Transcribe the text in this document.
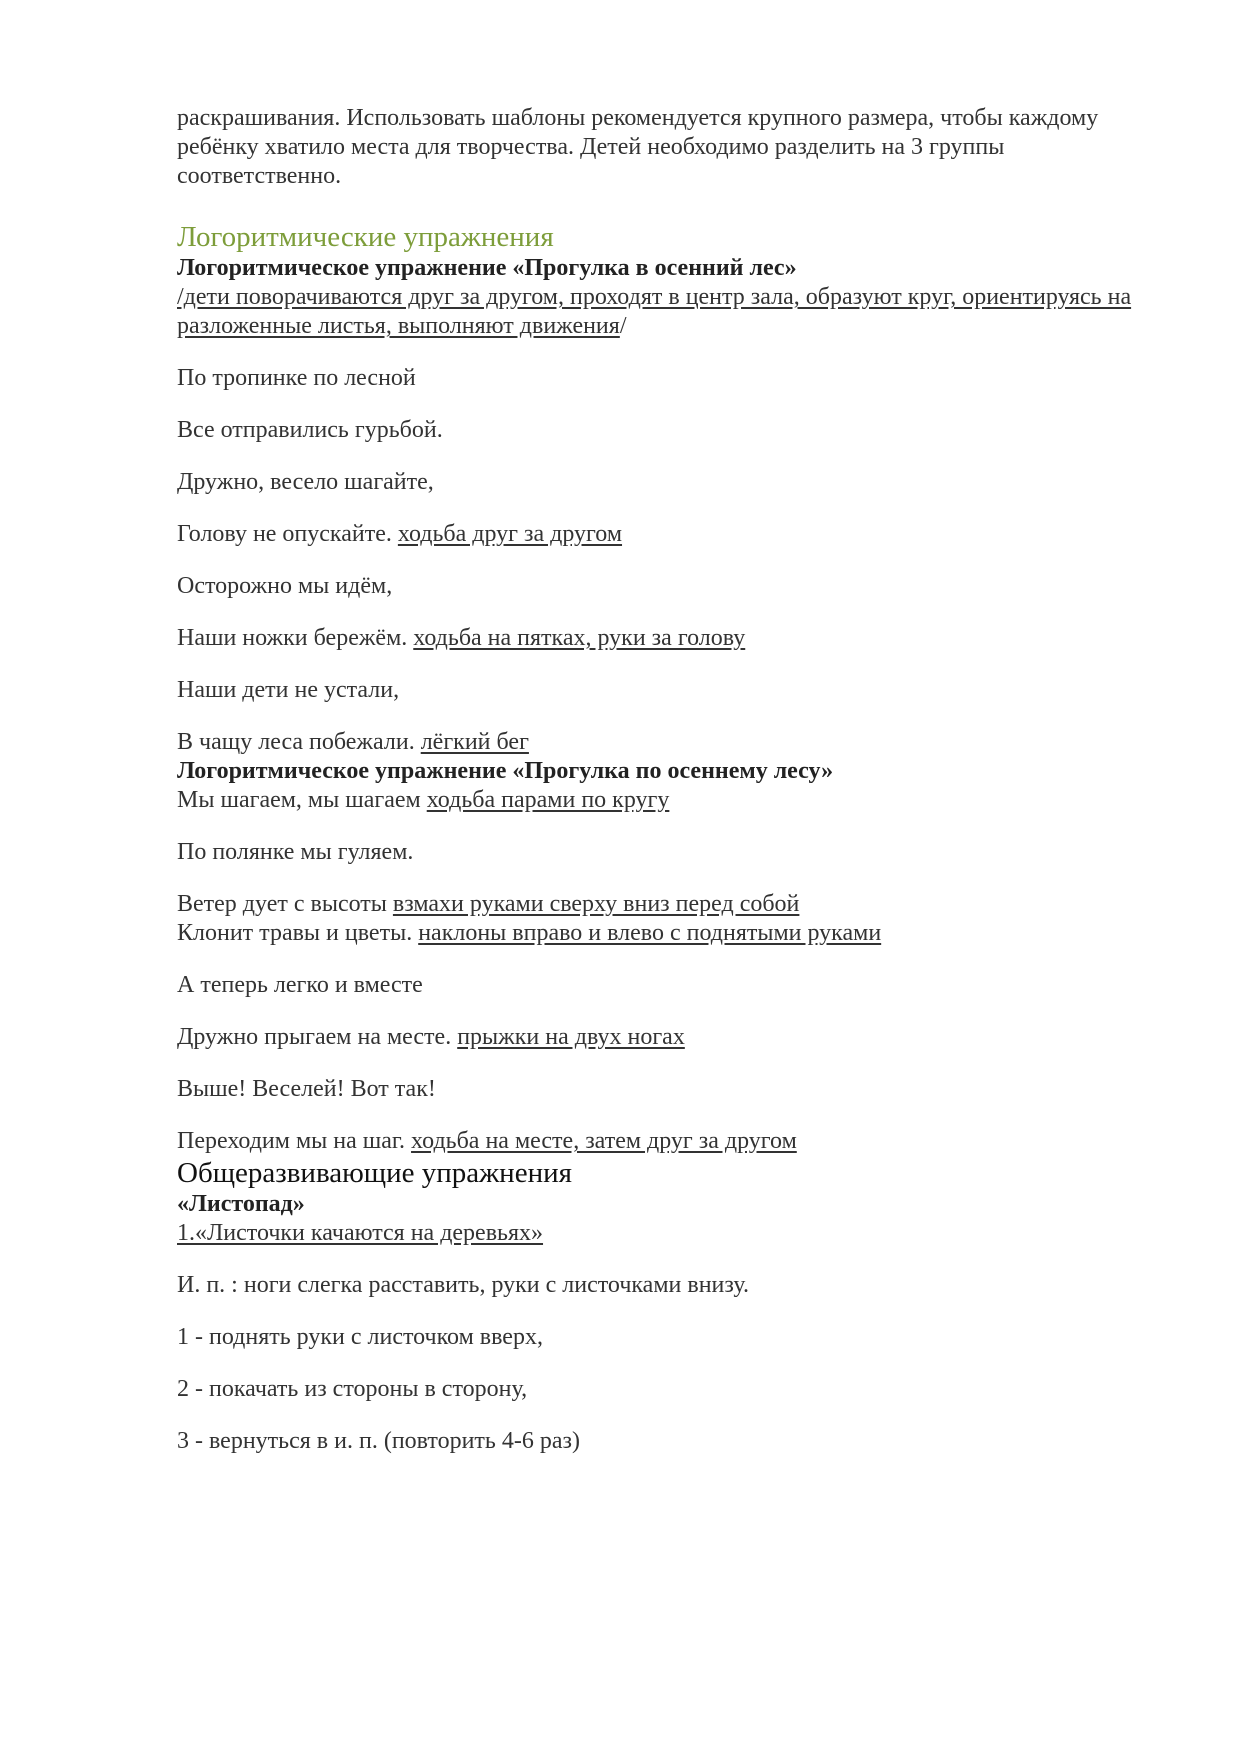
раскрашивания. Использовать шаблоны рекомендуется крупного размера, чтобы каждому ребёнку хватило места для творчества. Детей необходимо разделить на 3 группы соответственно.

Логоритмические упражнения

Логоритмическое упражнение «Прогулка в осенний лес»

/дети поворачиваются друг за другом, проходят в центр зала, образуют круг, ориентируясь на разложенные листья, выполняют движения/

По тропинке по лесной

Все отправились гурьбой.

Дружно, весело шагайте,

Голову не опускайте. ходьба друг за другом

Осторожно мы идём,

Наши ножки бережём. ходьба на пятках, руки за голову

Наши дети не устали,

В чащу леса побежали. лёгкий бег

Логоритмическое упражнение «Прогулка по осеннему лесу»

Мы шагаем, мы шагаем ходьба парами по кругу

По полянке мы гуляем.

Ветер дует с высоты взмахи руками сверху вниз перед собой

Клонит травы и цветы. наклоны вправо и влево с поднятыми руками

А теперь легко и вместе

Дружно прыгаем на месте. прыжки на двух ногах

Выше! Веселей! Вот так!

Переходим мы на шаг. ходьба на месте, затем друг за другом

Общеразвивающие упражнения

«Листопад»

1.«Листочки качаются на деревьях»

И. п. : ноги слегка расставить, руки с листочками внизу.

1 - поднять руки с листочком вверх,

2 - покачать из стороны в сторону,

3 - вернуться в и. п. (повторить 4-6 раз)
